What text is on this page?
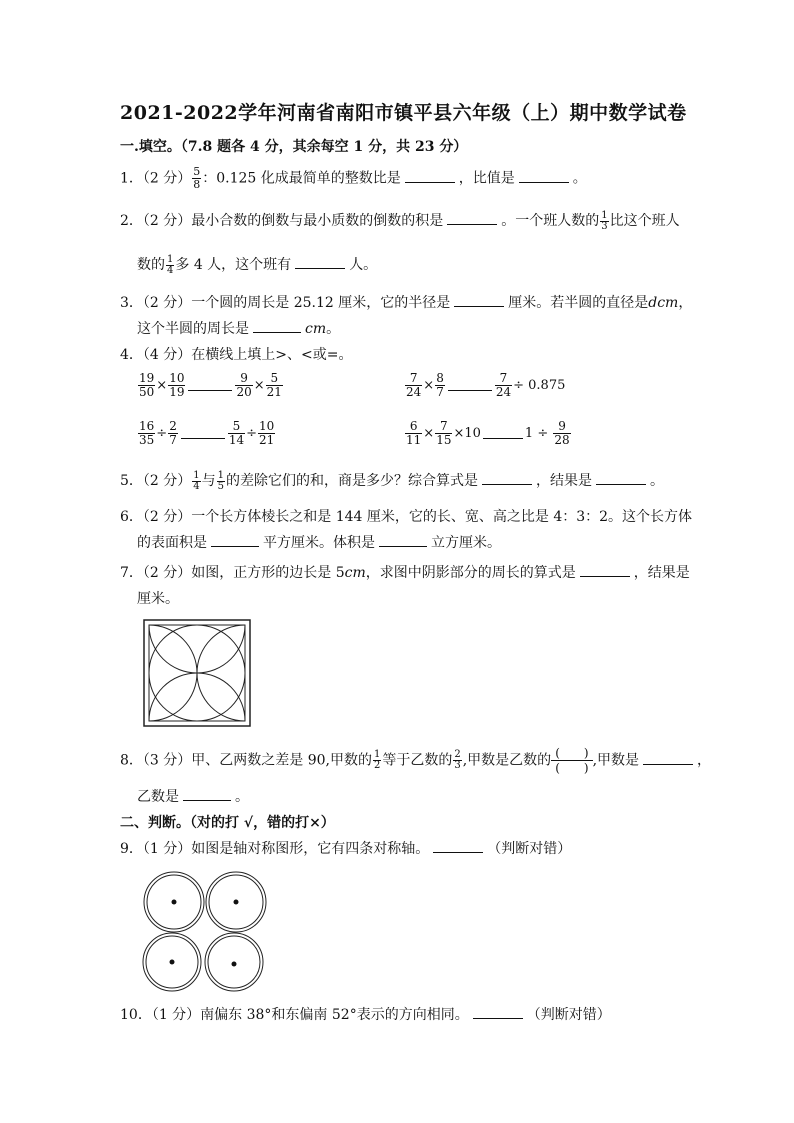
2021-2022学年河南省南阳市镇平县六年级（上）期中数学试卷
一.填空。（7.8 题各 4 分，其余每空 1 分，共 23 分）
1．（2 分） $\frac{5}{8}$ ：0.125 化成最简单的整数比是	，比值是	。
2．（2 分）最小合数的倒数与最小质数的倒数的积是	。一个班人数的 $\frac{1}{3}$ 比这个班人
数的 $\frac{1}{4}$ 多 4 人，这个班有	人。
3．（2 分）一个圆的周长是 25.12 厘米，它的半径是	厘米。若半圆的直径是dcm，
这个半圆的周长是	cm。
4．（4 分）在横线上填上>、<或=。
$\frac{19}{50} \times \frac{10}{19}$	$\frac{9}{20} \times \frac{5}{21}$	$\frac{7}{24} \times \frac{8}{7}$	$\frac{7}{24} \div 0.875$
$\frac{16}{35} \div \frac{2}{7}$	$\frac{5}{14} \div \frac{10}{21}$	$\frac{6}{11} \times \frac{7}{15} \times 10$	$1 \div \frac{9}{28}$
5．（2 分） $\frac{1}{4}$ 与 $\frac{1}{5}$ 的差除它们的和，商是多少？综合算式是	，结果是	。
6．（2 分）一个长方体棱长之和是 144 厘米，它的长、宽、高之比是 4：3：2。这个长方体
的表面积是	平方厘米。体积是	立方厘米。
7．（2 分）如图，正方形的边长是 5cm，求图中阴影部分的周长的算式是	，结果是
厘米。
8．（3 分）甲、乙两数之差是 90,甲数的 $\frac{1}{2}$ 等于乙数的 $\frac{2}{3}$ ,甲数是乙数的 $\frac{( )}{( )}$ ,甲数是	，
乙数是	。
二、判断。（对的打 √，错的打×）
9．（1 分）如图是轴对称图形，它有四条对称轴。	（判断对错）
10．（1 分）南偏东 38°和东偏南 52°表示的方向相同。	（判断对错）
